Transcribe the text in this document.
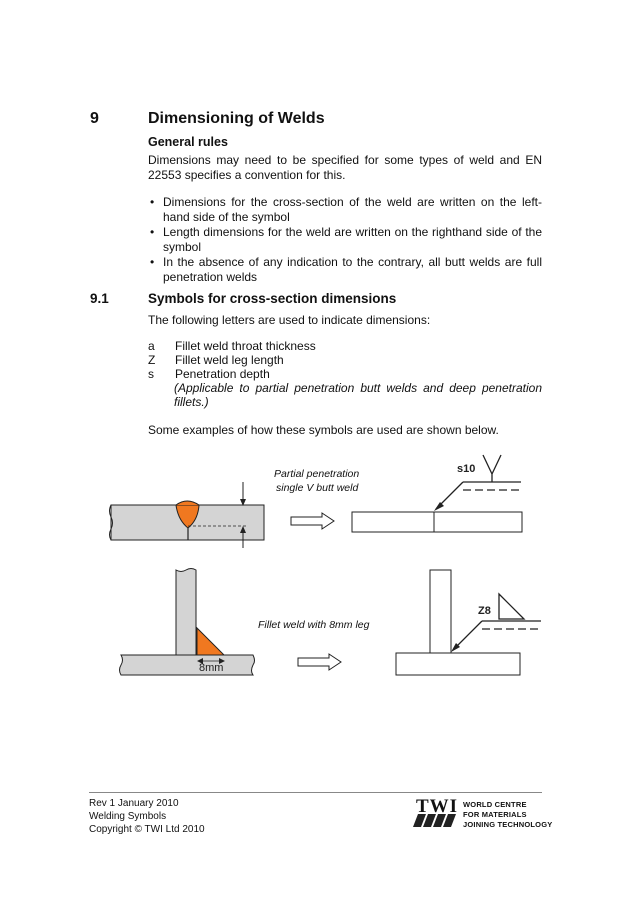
9	Dimensioning of Welds
General rules
Dimensions may need to be specified for some types of weld and EN 22553 specifies a convention for this.
• Dimensions for the cross-section of the weld are written on the left-hand side of the symbol
• Length dimensions for the weld are written on the righthand side of the symbol
• In the absence of any indication to the contrary, all butt welds are full penetration welds
9.1	Symbols for cross-section dimensions
The following letters are used to indicate dimensions:
a	Fillet weld throat thickness
Z	Fillet weld leg length
s	Penetration depth
(Applicable to partial penetration butt welds and deep penetration fillets.)
Some examples of how these symbols are used are shown below.
Partial penetration
single V butt weld
Fillet weld with 8mm leg
8mm
s10
Z8
Rev 1 January 2010
Welding Symbols
Copyright © TWI Ltd 2010
TWI WORLD CENTRE
FOR MATERIALS
JOINING TECHNOLOGY
